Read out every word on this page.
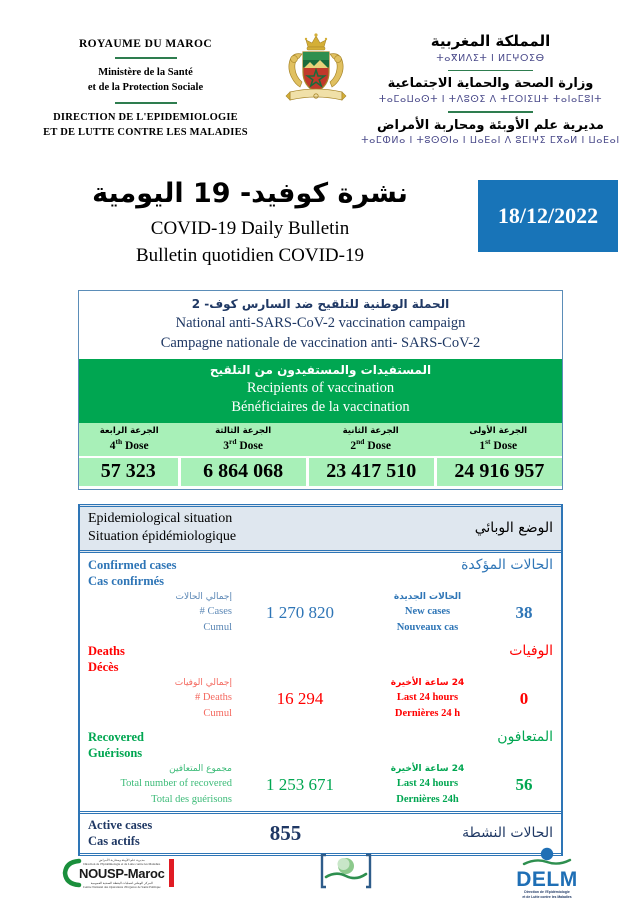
ROYAUME DU MAROC
Ministère de la Santé
et de la Protection Sociale
DIRECTION DE L'EPIDEMIOLOGIE
ET DE LUTTE CONTRE LES MALADIES
المملكة المغربية
ⵜⴰⴳⵍⴷⵉⵜ ⵏ ⵍⵎⵖⵔⵉⴱ
وزارة الصحة والحماية الاجتماعية
ⵜⴰⵎⴰⵡⴰⵙⵜ ⵏ ⵜⴷⵓⵙⵉ ⴷ ⵜⵎⵔⵏⵉⵡⵜ ⵜⴰⵏⴰⵎⵓⵏⵜ
مديرية علم الأوبئة ومحاربة الأمراض
ⵜⴰⵎⵀⵍⴰ ⵏ ⵜⵓⵙⵙⵏⴰ ⵏ ⵡⴰⴹⴰⵏ ⴷ ⵓⵎⵏⵖⵉ ⵎⴳⴰⵍ ⵏ ⵡⴰⴹⴰⵏ
نشرة كوفيد- 19 اليومية
COVID-19 Daily Bulletin
Bulletin quotidien COVID-19
18/12/2022
الحملة الوطنية للتلقيح ضد السارس كوف- 2
National anti-SARS-CoV-2 vaccination campaign
Campagne nationale de vaccination anti- SARS-CoV-2
المستفيدات والمستفيدون من التلقيح
Recipients of vaccination
Bénéficiaires de la vaccination
الجرعة الرابعة
4th Dose
الجرعة الثالثة
3rd Dose
الجرعة الثانية
2nd Dose
الجرعة الأولى
1st Dose
57 323	6 864 068	23 417 510	24 916 957
Epidemiological situation
Situation épidémiologique
الوضع الوبائي
Confirmed cases
Cas confirmés
الحالات المؤكدة
إجمالي الحالات
# Cases
Cumul
1 270 820
الحالات الجديدة
New cases
Nouveaux cas
38
Deaths
Décès
الوفيات
إجمالي الوفيات
# Deaths
Cumul
16 294
24 ساعة الأخيرة
Last 24 hours
Dernières 24 h
0
Recovered
Guérisons
المتعافون
مجموع المتعافين
Total number of recovered
Total des guérisons
1 253 671
24 ساعة الأخيرة
Last 24 hours
Dernières 24h
56
Active cases
Cas actifs	855	الحالات النشطة
مديرية علم الأوبئة ومحاربة الأمراض
Direction de l'Epidémiologie et de Lutte contre les Maladies
NOUSP-Maroc
المركز الوطني لعمليات اليقظة الصحية العمومية
Centre National des Opérations d'Urgence de Santé Publique	DELM
Direction de l'Epidémiologie
et de Lutte contre les Maladies
